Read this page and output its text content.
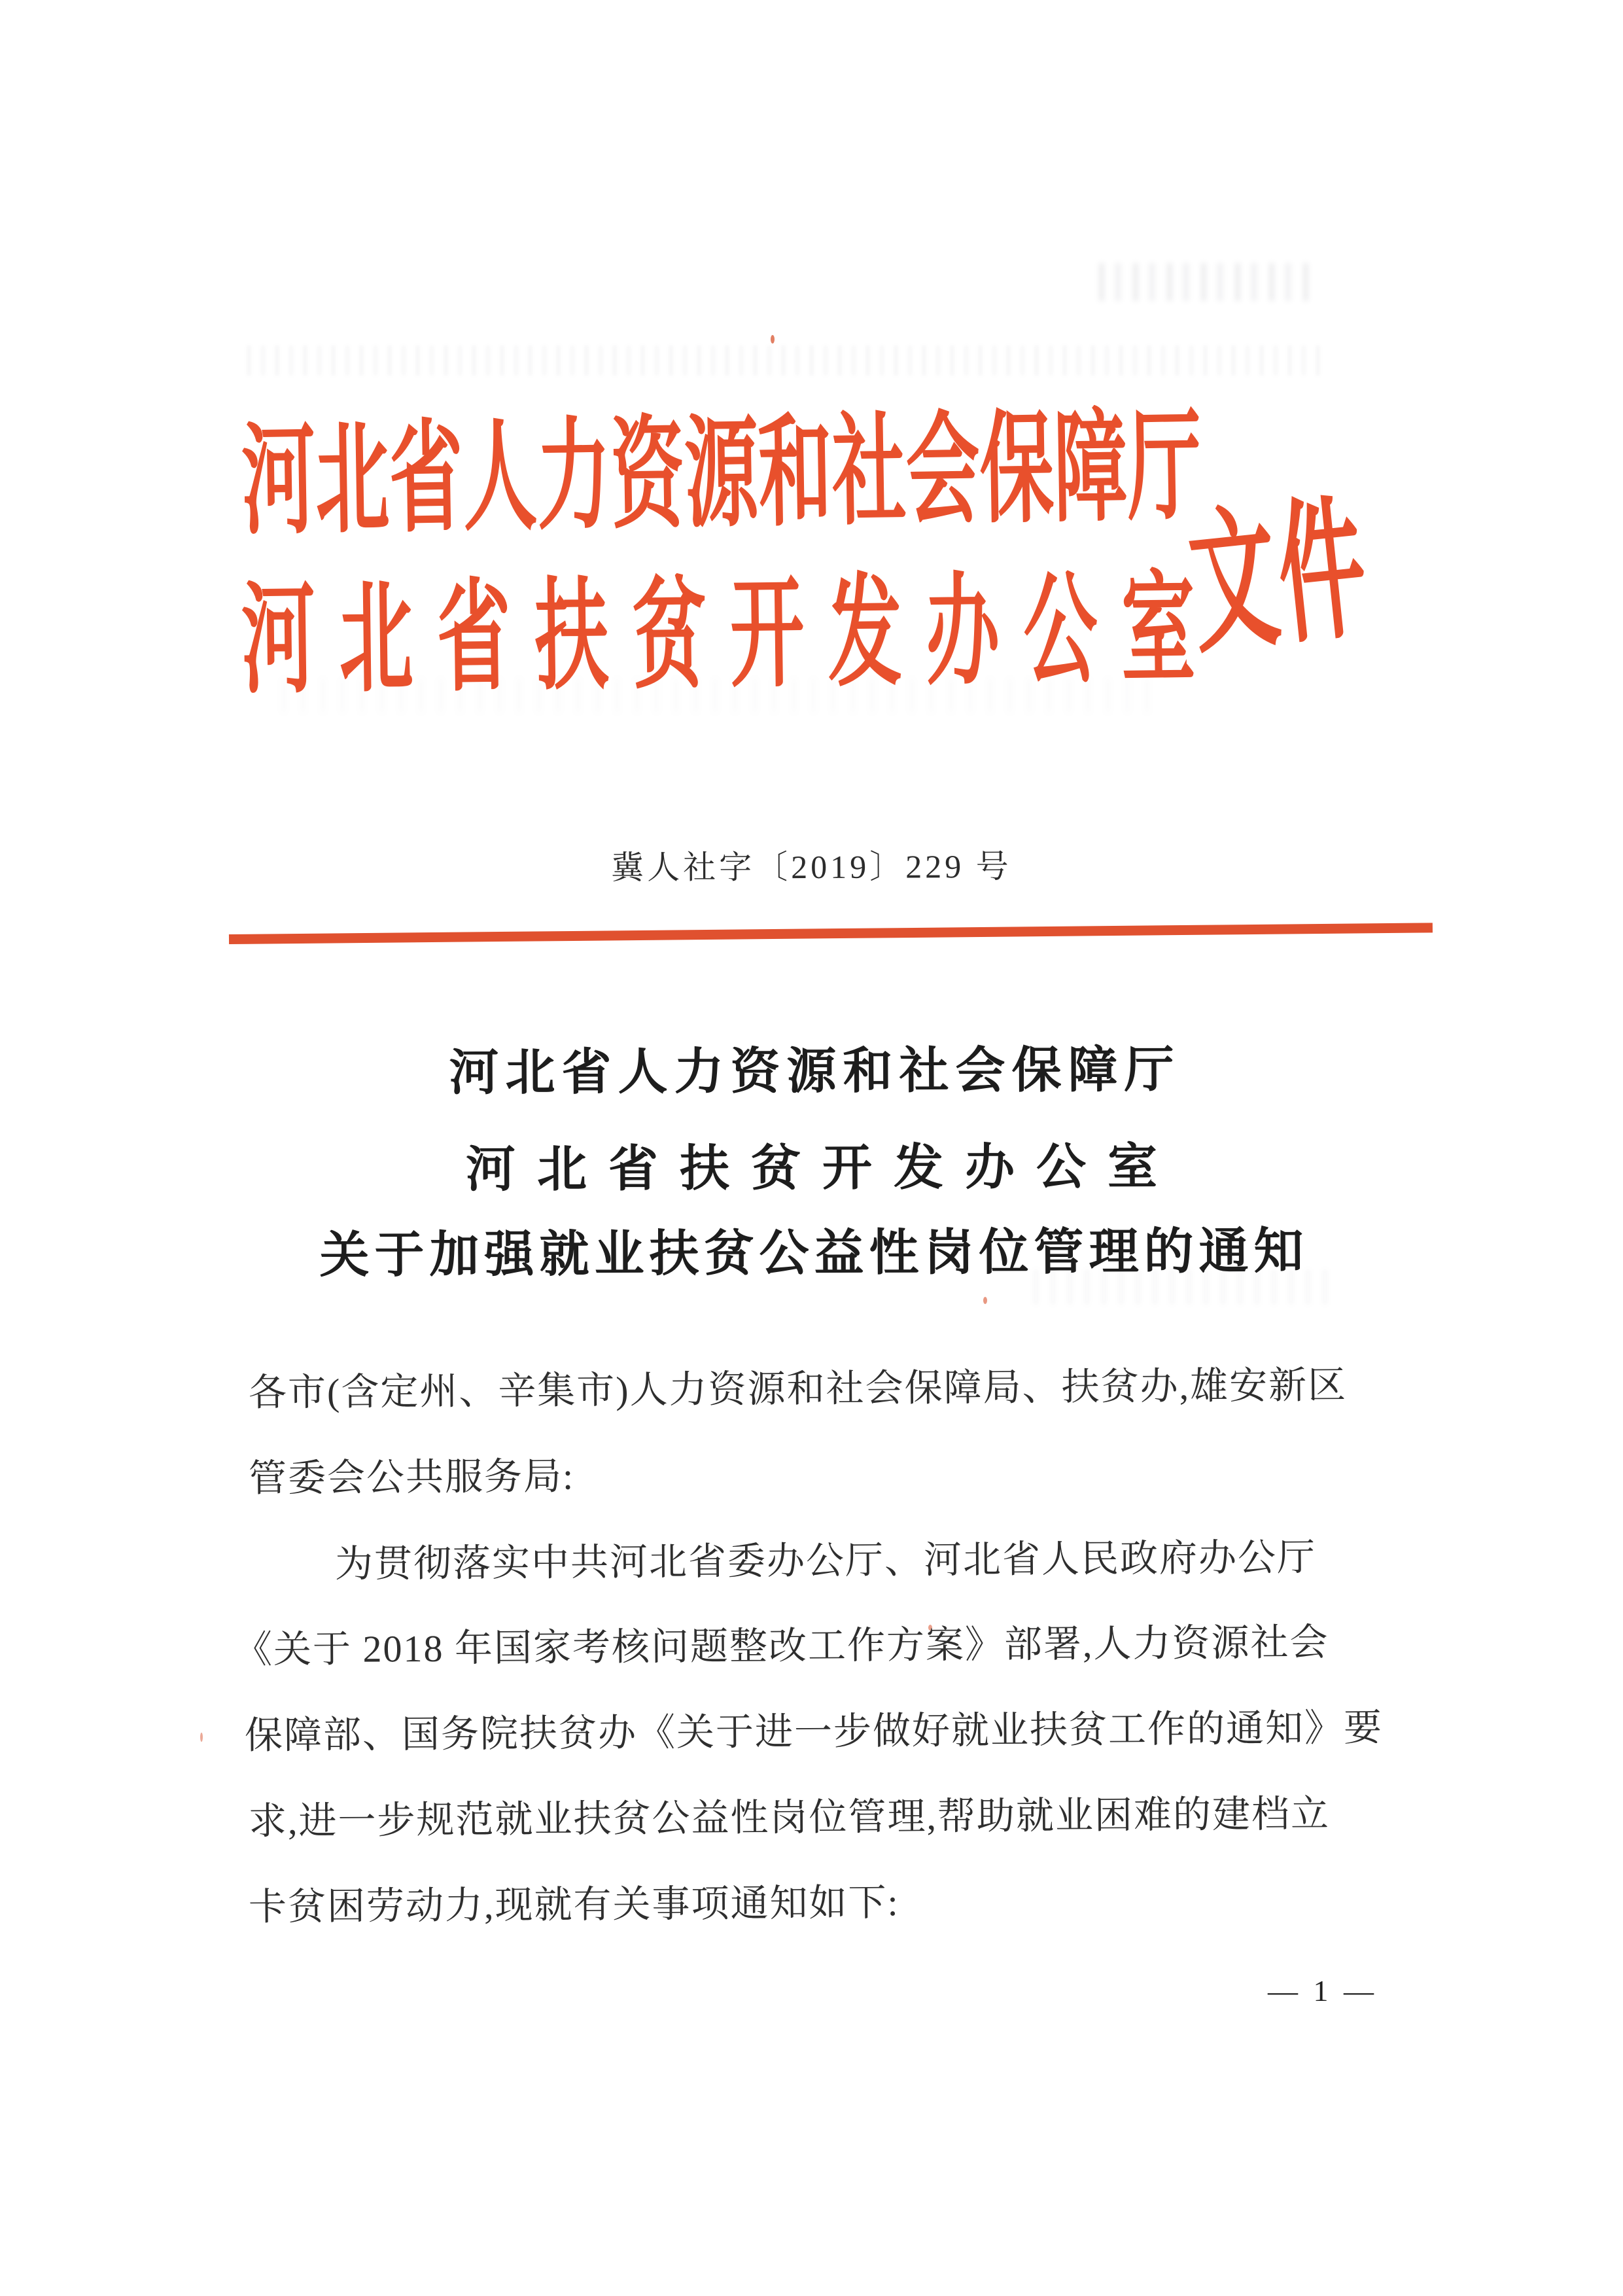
河北省人力资源和社会保障厅
河北省扶贫开发办公室
文件
冀人社字〔2019〕229 号
河北省人力资源和社会保障厅
河北省扶贫开发办公室
关于加强就业扶贫公益性岗位管理的通知
各市(含定州、辛集市)人力资源和社会保障局、扶贫办,雄安新区
管委会公共服务局:
为贯彻落实中共河北省委办公厅、河北省人民政府办公厅
《关于 2018 年国家考核问题整改工作方案》部署,人力资源社会
保障部、国务院扶贫办《关于进一步做好就业扶贫工作的通知》要
求,进一步规范就业扶贫公益性岗位管理,帮助就业困难的建档立
卡贫困劳动力,现就有关事项通知如下:
— 1 —
